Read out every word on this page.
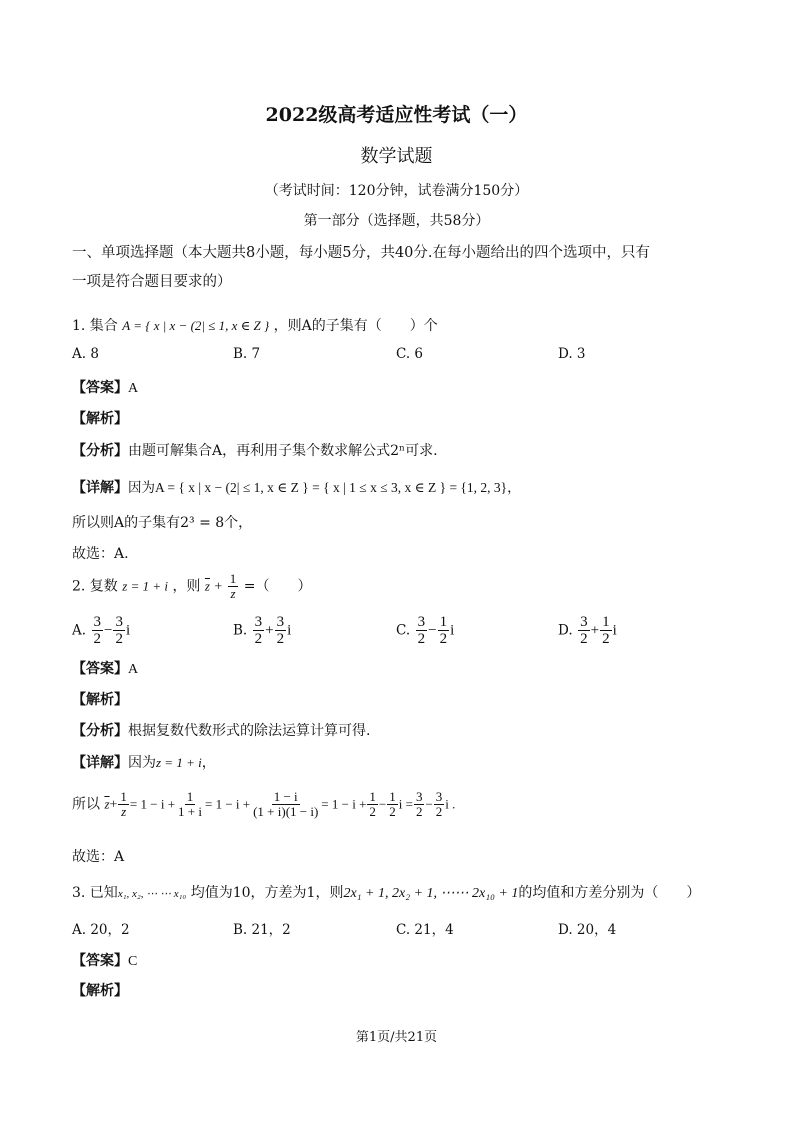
2022级高考适应性考试（一）
数学试题
（考试时间：120分钟，试卷满分150分）
第一部分（选择题，共58分）
一、单项选择题（本大题共8小题，每小题5分，共40分.在每小题给出的四个选项中，只有
一项是符合题目要求的）
1. 集合 A = { x | x − (2| ≤ 1, x ∈ Z } ，则A的子集有（　　）个
A. 8	B. 7	C. 6	D. 3
【答案】A
【解析】
【分析】由题可解集合A，再利用子集个数求解公式2ⁿ可求.
【详解】因为A = { x | x − (2| ≤ 1, x ∈ Z } = { x | 1 ≤ x ≤ 3, x ∈ Z } = {1, 2, 3}，
所以则A的子集有2³ = 8个，
故选：A.
2. 复数 z = 1 + i ，则 $\overline{z} + \frac{1}{z}$ =（　　）
A. $\frac{3}{2} - \frac{3}{2}$ i	B. $\frac{3}{2} + \frac{3}{2}$ i	C. $\frac{3}{2} - \frac{1}{2}$ i	D. $\frac{3}{2} + \frac{1}{2}$ i
【答案】A
【解析】
【分析】根据复数代数形式的除法运算计算可得.
【详解】因为z = 1 + i，
所以 $\overline{z}+ \frac{1}{z} = 1 - i + \frac{1}{1 + i} = 1 - i + \frac{1 - i}{(1 + i)(1 - i)} = 1 - i + \frac{1}{2} - \frac{1}{2}$ $i = \frac{3}{2} - \frac{3}{2}$ i .
故选：A
3. 已知x₁, x₂, ⋯ ⋯ x₁₀ 均值为10，方差为1，则2x₁ + 1, 2x₂ + 1, ⋯⋯ 2x₁₀ + 1的均值和方差分别为（　　）
A. 20，2	B. 21，2	C. 21，4	D. 20，4
【答案】C
【解析】
第1页/共21页
